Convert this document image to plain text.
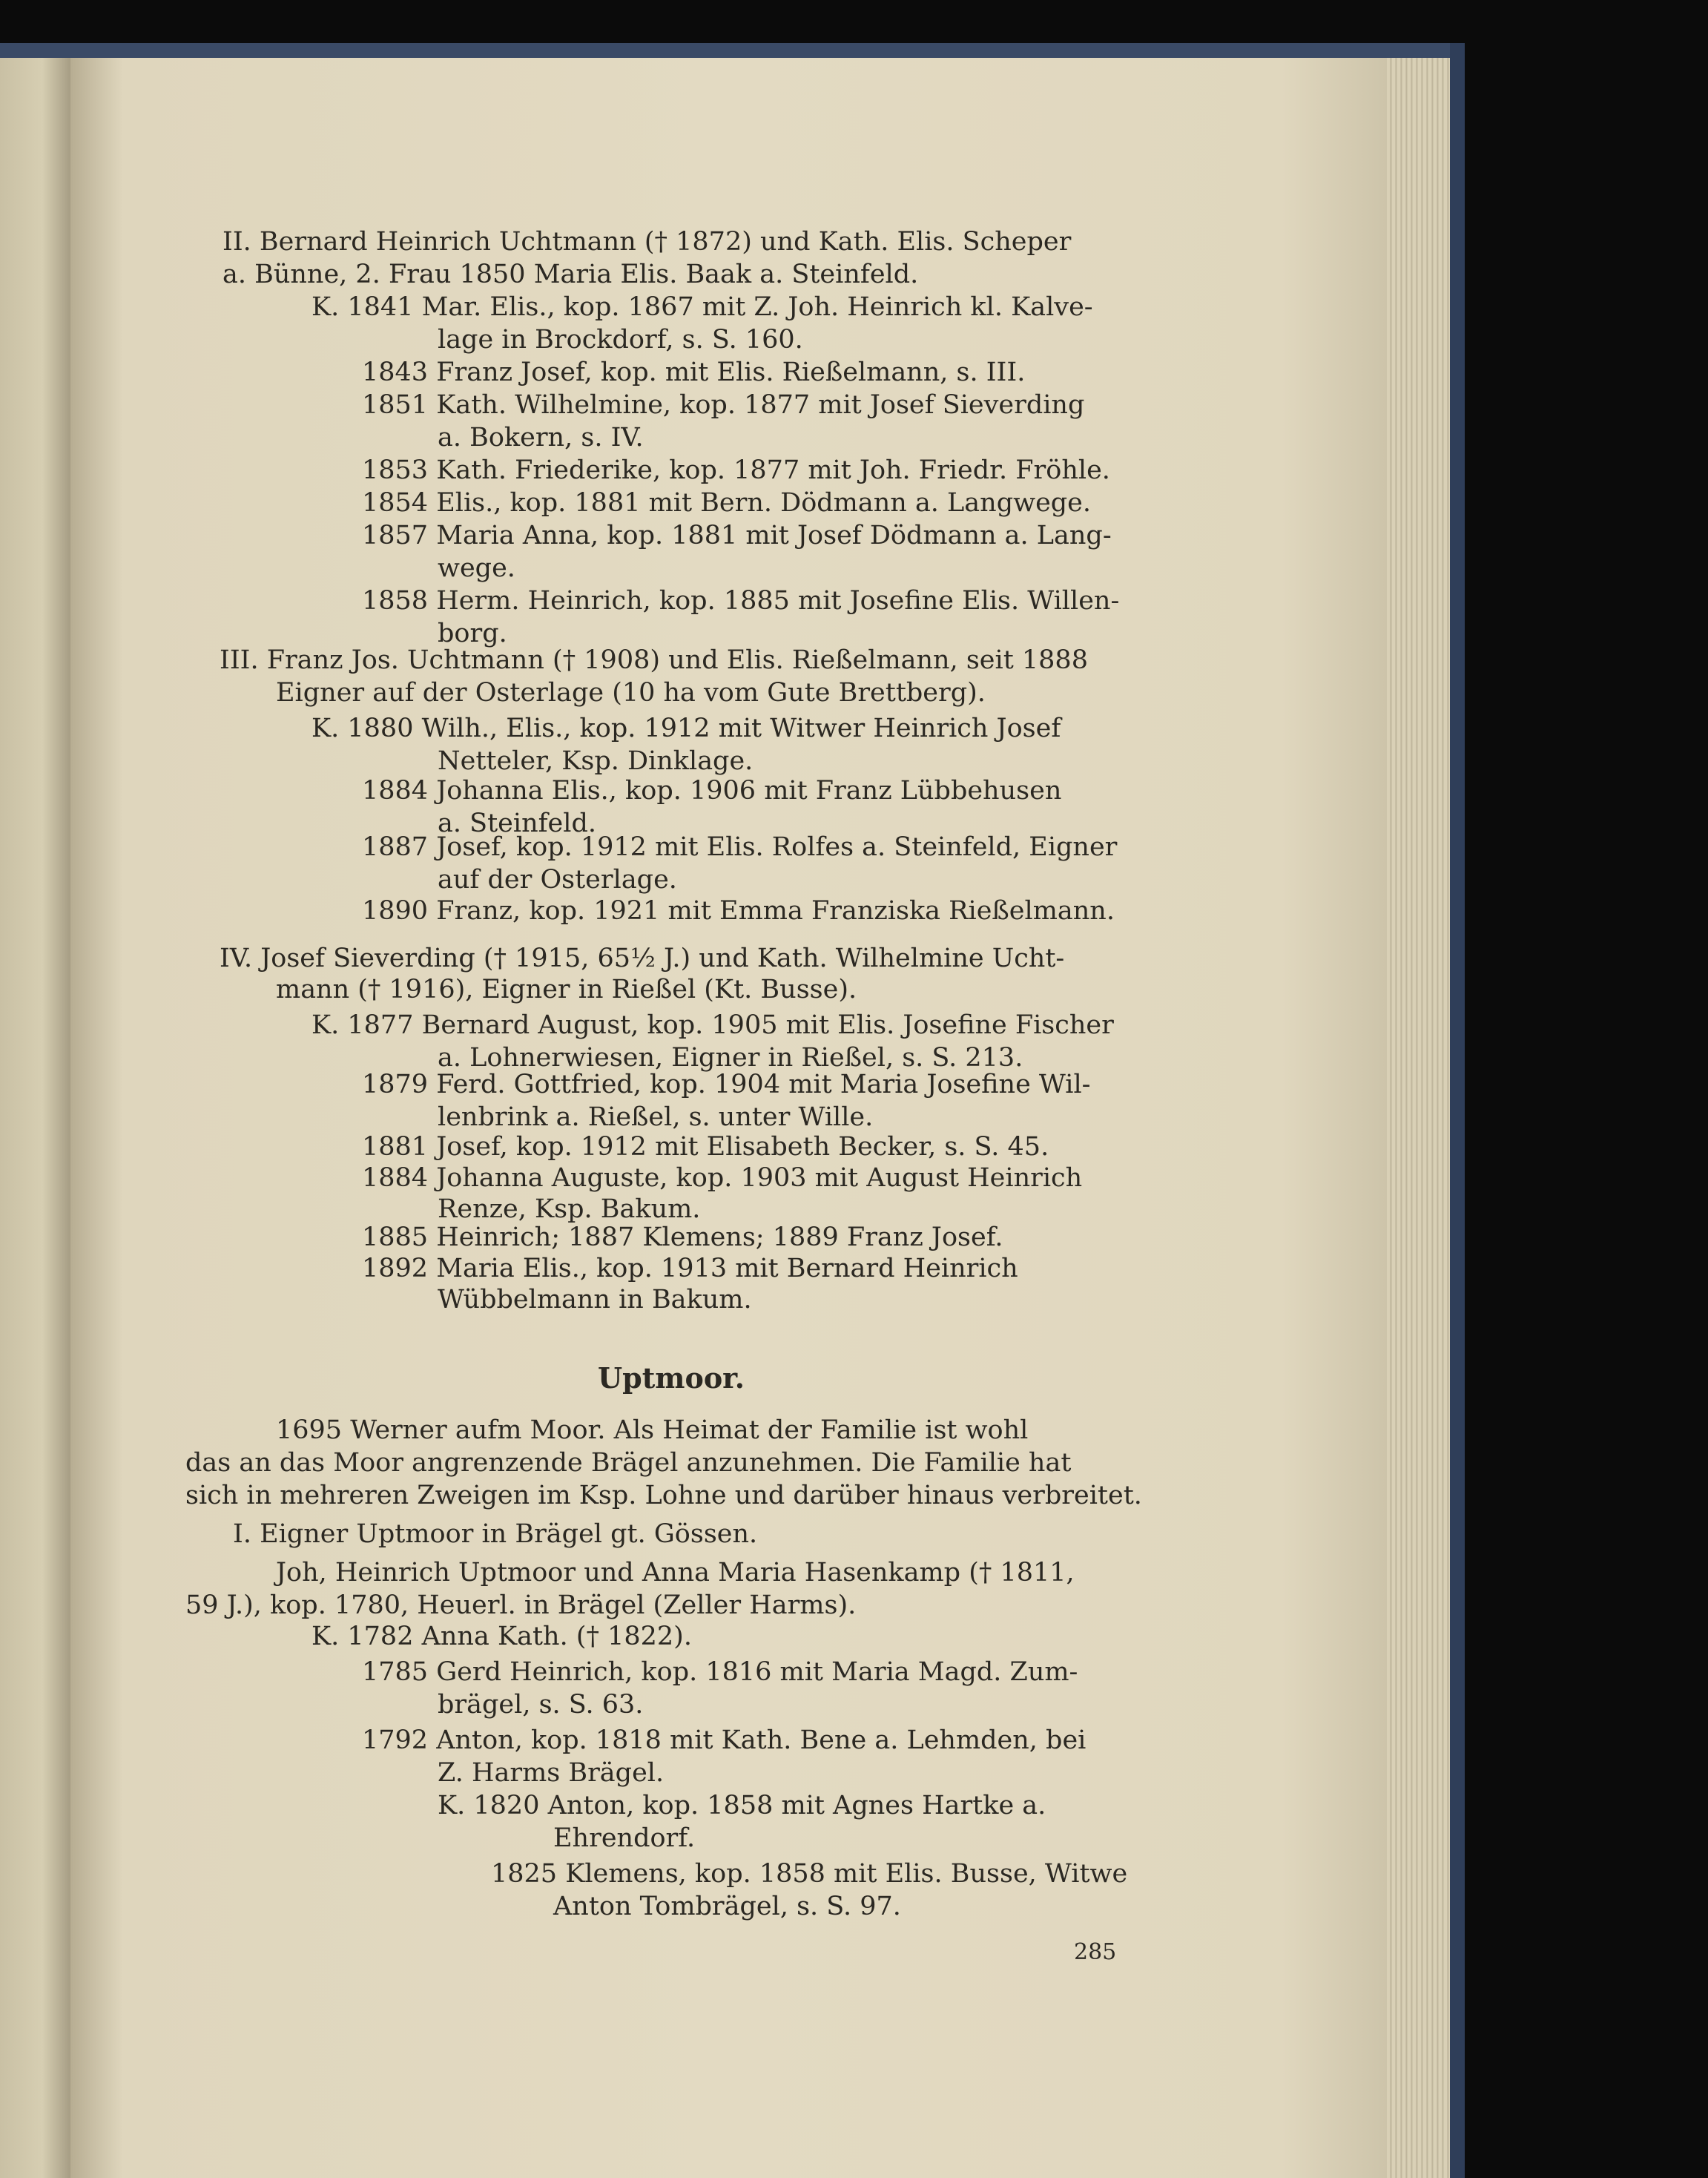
II. Bernard Heinrich Uchtmann († 1872) und Kath. Elis. Scheper
a. Bünne, 2. Frau 1850 Maria Elis. Baak a. Steinfeld.
K. 1841 Mar. Elis., kop. 1867 mit Z. Joh. Heinrich kl. Kalve-
lage in Brockdorf, s. S. 160.
1843 Franz Josef, kop. mit Elis. Rießelmann, s. III.
1851 Kath. Wilhelmine, kop. 1877 mit Josef Sieverding
a. Bokern, s. IV.
1853 Kath. Friederike, kop. 1877 mit Joh. Friedr. Fröhle.
1854 Elis., kop. 1881 mit Bern. Dödmann a. Langwege.
1857 Maria Anna, kop. 1881 mit Josef Dödmann a. Lang-
wege.
1858 Herm. Heinrich, kop. 1885 mit Josefine Elis. Willen-
borg.
III. Franz Jos. Uchtmann († 1908) und Elis. Rießelmann, seit 1888
Eigner auf der Osterlage (10 ha vom Gute Brettberg).
K. 1880 Wilh., Elis., kop. 1912 mit Witwer Heinrich Josef
Netteler, Ksp. Dinklage.
1884 Johanna Elis., kop. 1906 mit Franz Lübbehusen
a. Steinfeld.
1887 Josef, kop. 1912 mit Elis. Rolfes a. Steinfeld, Eigner
auf der Osterlage.
1890 Franz, kop. 1921 mit Emma Franziska Rießelmann.
IV. Josef Sieverding († 1915, 65½ J.) und Kath. Wilhelmine Ucht-
mann († 1916), Eigner in Rießel (Kt. Busse).
K. 1877 Bernard August, kop. 1905 mit Elis. Josefine Fischer
a. Lohnerwiesen, Eigner in Rießel, s. S. 213.
1879 Ferd. Gottfried, kop. 1904 mit Maria Josefine Wil-
lenbrink a. Rießel, s. unter Wille.
1881 Josef, kop. 1912 mit Elisabeth Becker, s. S. 45.
1884 Johanna Auguste, kop. 1903 mit August Heinrich
Renze, Ksp. Bakum.
1885 Heinrich; 1887 Klemens; 1889 Franz Josef.
1892 Maria Elis., kop. 1913 mit Bernard Heinrich
Wübbelmann in Bakum.
Uptmoor.
1695 Werner aufm Moor. Als Heimat der Familie ist wohl
das an das Moor angrenzende Brägel anzunehmen. Die Familie hat
sich in mehreren Zweigen im Ksp. Lohne und darüber hinaus verbreitet.
I. Eigner Uptmoor in Brägel gt. Gössen.
Joh, Heinrich Uptmoor und Anna Maria Hasenkamp († 1811,
59 J.), kop. 1780, Heuerl. in Brägel (Zeller Harms).
K. 1782 Anna Kath. († 1822).
1785 Gerd Heinrich, kop. 1816 mit Maria Magd. Zum-
brägel, s. S. 63.
1792 Anton, kop. 1818 mit Kath. Bene a. Lehmden, bei
Z. Harms Brägel.
K. 1820 Anton, kop. 1858 mit Agnes Hartke a.
Ehrendorf.
1825 Klemens, kop. 1858 mit Elis. Busse, Witwe
Anton Tombrägel, s. S. 97.
285
